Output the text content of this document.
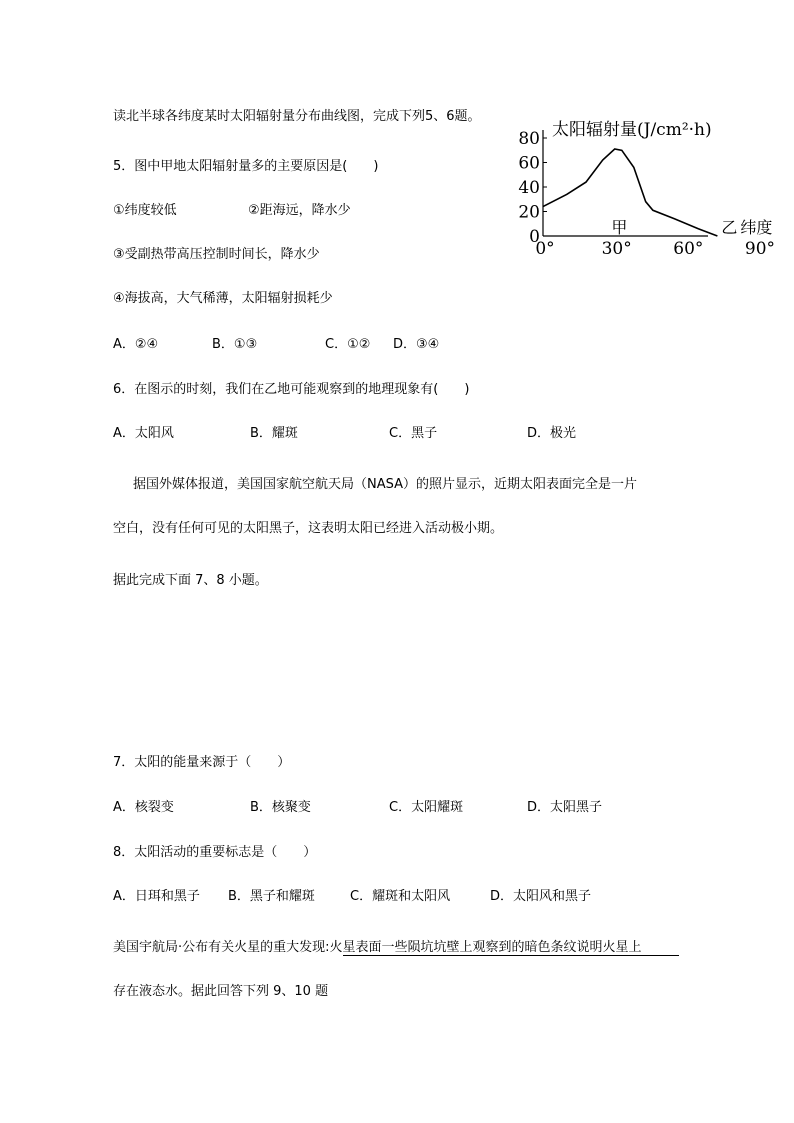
读北半球各纬度某时太阳辐射量分布曲线图，完成下列5、6题。
0
20
40
60
80
0°	30° 60° 90°
太阳辐射量(J/cm²·h)
甲	乙 纬度
5．图中甲地太阳辐射量多的主要原因是(　　)
①纬度较低	②距海远，降水少
③受副热带高压控制时间长，降水少
④海拔高，大气稀薄，太阳辐射损耗少
A．②④	B．①③	C．①② D．③④
6．在图示的时刻，我们在乙地可能观察到的地理现象有(　　)
A．太阳风	B．耀斑	C．黑子	D．极光
据国外媒体报道，美国国家航空航天局（NASA）的照片显示，近期太阳表面完全是一片
空白，没有任何可见的太阳黑子，这表明太阳已经进入活动极小期。
据此完成下面 7、8 小题。
7．太阳的能量来源于（　　）
A．核裂变	B．核聚变	C．太阳耀斑	D．太阳黑子
8．太阳活动的重要标志是（　　）
A．日珥和黑子 B．黑子和耀斑	C．耀斑和太阳风	D．太阳风和黑子
美国宇航局·公布有关火星的重大发现:火星表面一些陨坑坑壁上观察到的暗色条纹说明火星上
存在液态水。据此回答下列 9、10 题
